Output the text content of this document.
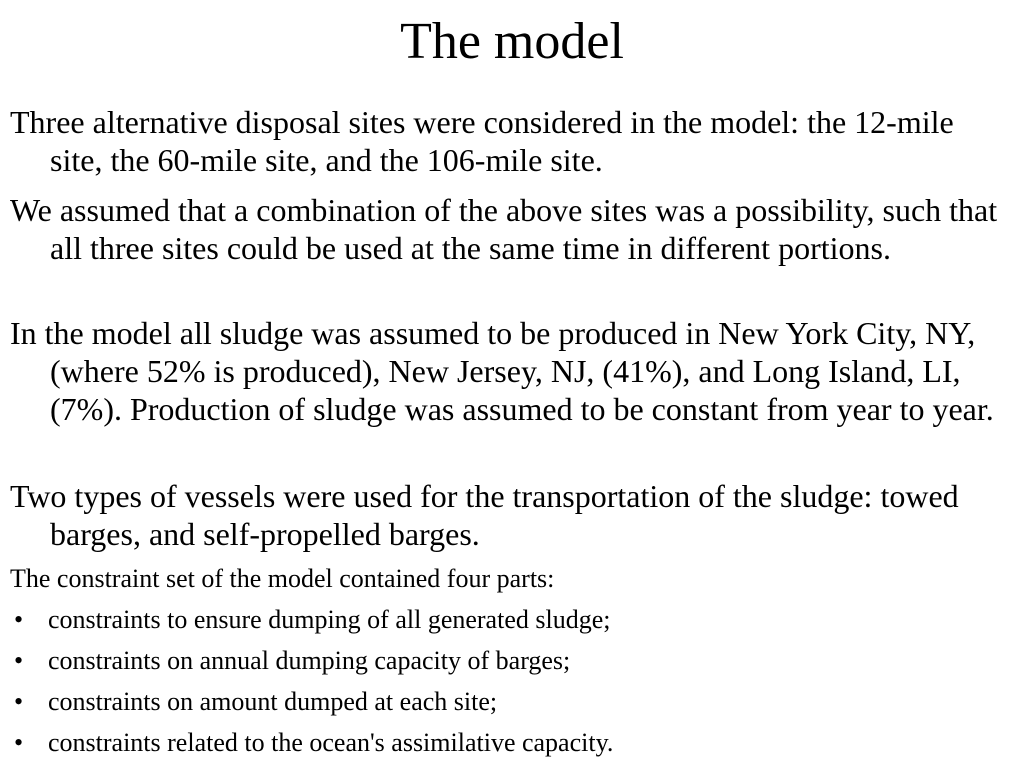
The model
Three alternative disposal sites were considered in the model: the 12-mile site, the 60-mile site, and the 106-mile site.
We assumed that a combination of the above sites was a possibility, such that all three sites could be used at the same time in different portions.
In the model all sludge was assumed to be produced in New York City, NY, (where 52% is produced), New Jersey, NJ, (41%), and Long Island, LI, (7%). Production of sludge was assumed to be constant from year to year.
Two types of vessels were used for the transportation of the sludge: towed barges, and self-propelled barges.
The constraint set of the model contained four parts:
• constraints to ensure dumping of all generated sludge;
• constraints on annual dumping capacity of barges;
• constraints on amount dumped at each site;
• constraints related to the ocean's assimilative capacity.
